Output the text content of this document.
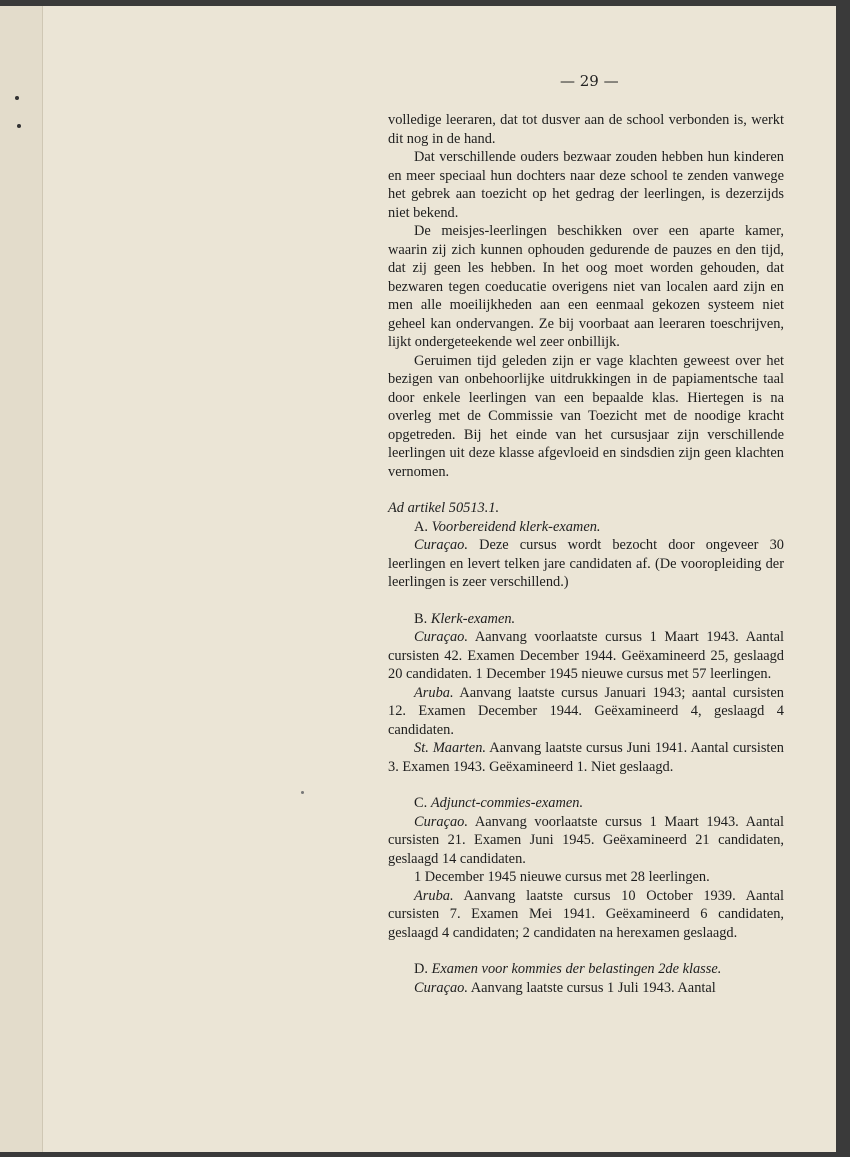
— 29 —

volledige leeraren, dat tot dusver aan de school verbonden is, werkt dit nog in de hand.

Dat verschillende ouders bezwaar zouden hebben hun kinderen en meer speciaal hun dochters naar deze school te zenden vanwege het gebrek aan toezicht op het gedrag der leerlingen, is dezerzijds niet bekend.

De meisjes-leerlingen beschikken over een aparte kamer, waarin zij zich kunnen ophouden gedurende de pauzes en den tijd, dat zij geen les hebben. In het oog moet worden gehouden, dat bezwaren tegen coeducatie overigens niet van localen aard zijn en men alle moeilijkheden aan een eenmaal gekozen systeem niet geheel kan ondervangen. Ze bij voorbaat aan leeraren toeschrijven, lijkt ondergeteekende wel zeer onbillijk.

Geruimen tijd geleden zijn er vage klachten geweest over het bezigen van onbehoorlijke uitdrukkingen in de papiamentsche taal door enkele leerlingen van een bepaalde klas. Hiertegen is na overleg met de Commissie van Toezicht met de noodige kracht opgetreden. Bij het einde van het cursusjaar zijn verschillende leerlingen uit deze klasse afgevloeid en sindsdien zijn geen klachten vernomen.

Ad artikel 50513.1.

A. Voorbereidend klerk-examen.

Curaçao. Deze cursus wordt bezocht door ongeveer 30 leerlingen en levert telken jare candidaten af. (De vooropleiding der leerlingen is zeer verschillend.)

B. Klerk-examen.

Curaçao. Aanvang voorlaatste cursus 1 Maart 1943. Aantal cursisten 42. Examen December 1944. Geëxamineerd 25, geslaagd 20 candidaten. 1 December 1945 nieuwe cursus met 57 leerlingen.

Aruba. Aanvang laatste cursus Januari 1943; aantal cursisten 12. Examen December 1944. Geëxamineerd 4, geslaagd 4 candidaten.

St. Maarten. Aanvang laatste cursus Juni 1941. Aantal cursisten 3. Examen 1943. Geëxamineerd 1. Niet geslaagd.

C. Adjunct-commies-examen.

Curaçao. Aanvang voorlaatste cursus 1 Maart 1943. Aantal cursisten 21. Examen Juni 1945. Geëxamineerd 21 candidaten, geslaagd 14 candidaten.

1 December 1945 nieuwe cursus met 28 leerlingen.

Aruba. Aanvang laatste cursus 10 October 1939. Aantal cursisten 7. Examen Mei 1941. Geëxamineerd 6 candidaten, geslaagd 4 candidaten; 2 candidaten na herexamen geslaagd.

D. Examen voor kommies der belastingen 2de klasse.

Curaçao. Aanvang laatste cursus 1 Juli 1943. Aantal
